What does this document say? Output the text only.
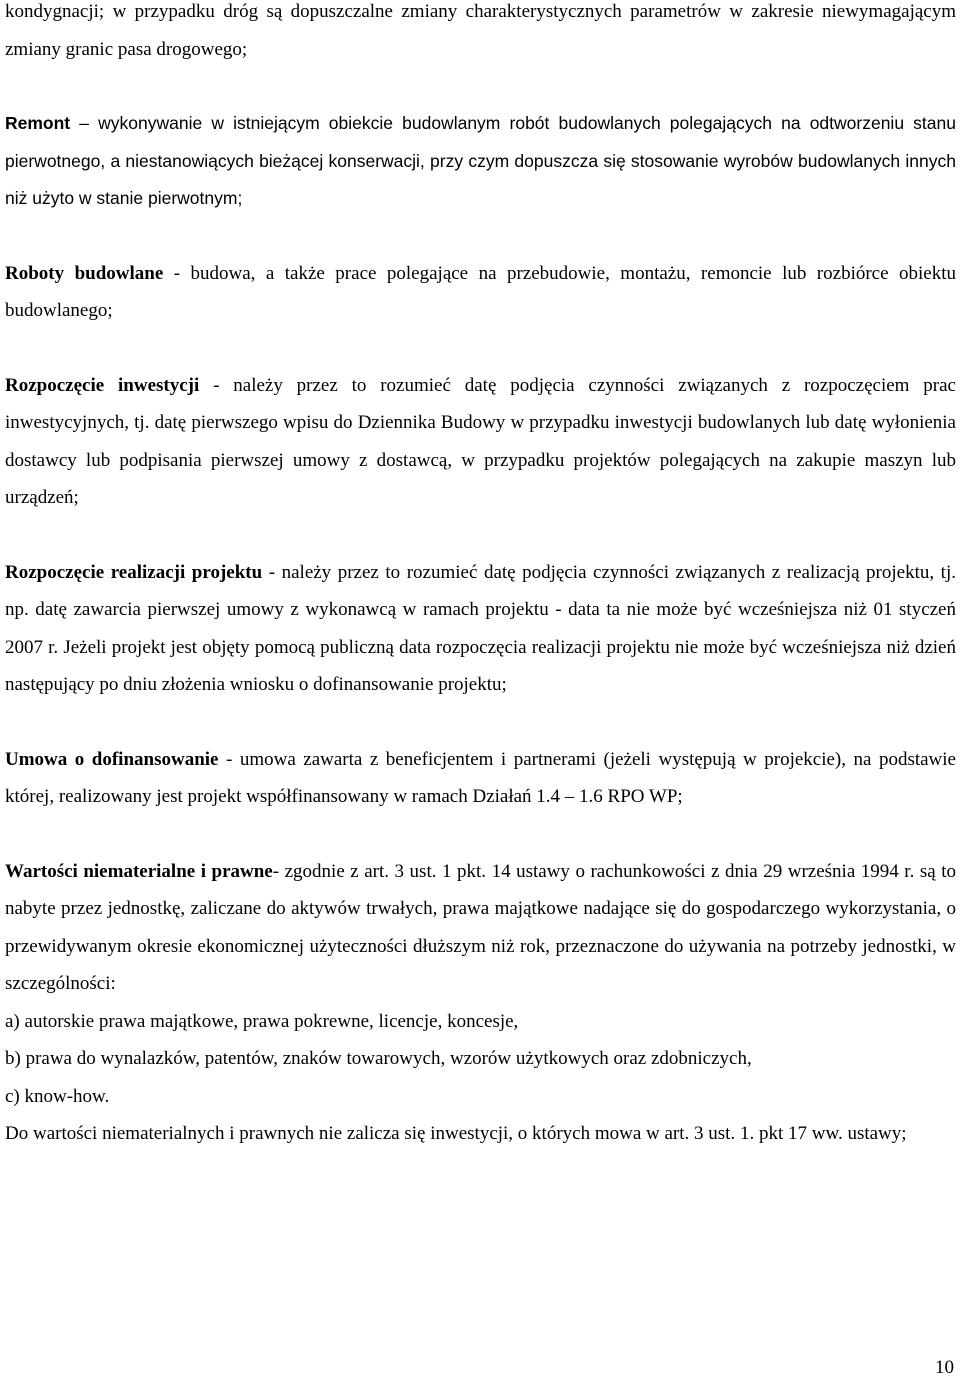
kondygnacji; w przypadku dróg są dopuszczalne zmiany charakterystycznych parametrów w zakresie niewymagającym zmiany granic pasa drogowego;

Remont – wykonywanie w istniejącym obiekcie budowlanym robót budowlanych polegających na odtworzeniu stanu pierwotnego, a niestanowiących bieżącej konserwacji, przy czym dopuszcza się stosowanie wyrobów budowlanych innych niż użyto w stanie pierwotnym;

Roboty budowlane - budowa, a także prace polegające na przebudowie, montażu, remoncie lub rozbiórce obiektu budowlanego;

Rozpoczęcie inwestycji - należy przez to rozumieć datę podjęcia czynności związanych z rozpoczęciem prac inwestycyjnych, tj. datę pierwszego wpisu do Dziennika Budowy w przypadku inwestycji budowlanych lub datę wyłonienia dostawcy lub podpisania pierwszej umowy z dostawcą, w przypadku projektów polegających na zakupie maszyn lub urządzeń;

Rozpoczęcie realizacji projektu - należy przez to rozumieć datę podjęcia czynności związanych z realizacją projektu, tj. np. datę zawarcia pierwszej umowy z wykonawcą w ramach projektu - data ta nie może być wcześniejsza niż 01 styczeń 2007 r. Jeżeli projekt jest objęty pomocą publiczną data rozpoczęcia realizacji projektu nie może być wcześniejsza niż dzień następujący po dniu złożenia wniosku o dofinansowanie projektu;

Umowa o dofinansowanie - umowa zawarta z beneficjentem i partnerami (jeżeli występują w projekcie), na podstawie której, realizowany jest projekt współfinansowany w ramach Działań 1.4 – 1.6 RPO WP;

Wartości niematerialne i prawne- zgodnie z art. 3 ust. 1 pkt. 14 ustawy o rachunkowości z dnia 29 września 1994 r. są to nabyte przez jednostkę, zaliczane do aktywów trwałych, prawa majątkowe nadające się do gospodarczego wykorzystania, o przewidywanym okresie ekonomicznej użyteczności dłuższym niż rok, przeznaczone do używania na potrzeby jednostki, w szczególności:

a) autorskie prawa majątkowe, prawa pokrewne, licencje, koncesje,

b) prawa do wynalazków, patentów, znaków towarowych, wzorów użytkowych oraz zdobniczych,

c) know-how.

Do wartości niematerialnych i prawnych nie zalicza się inwestycji, o których mowa w art. 3 ust. 1. pkt 17 ww. ustawy;

10
